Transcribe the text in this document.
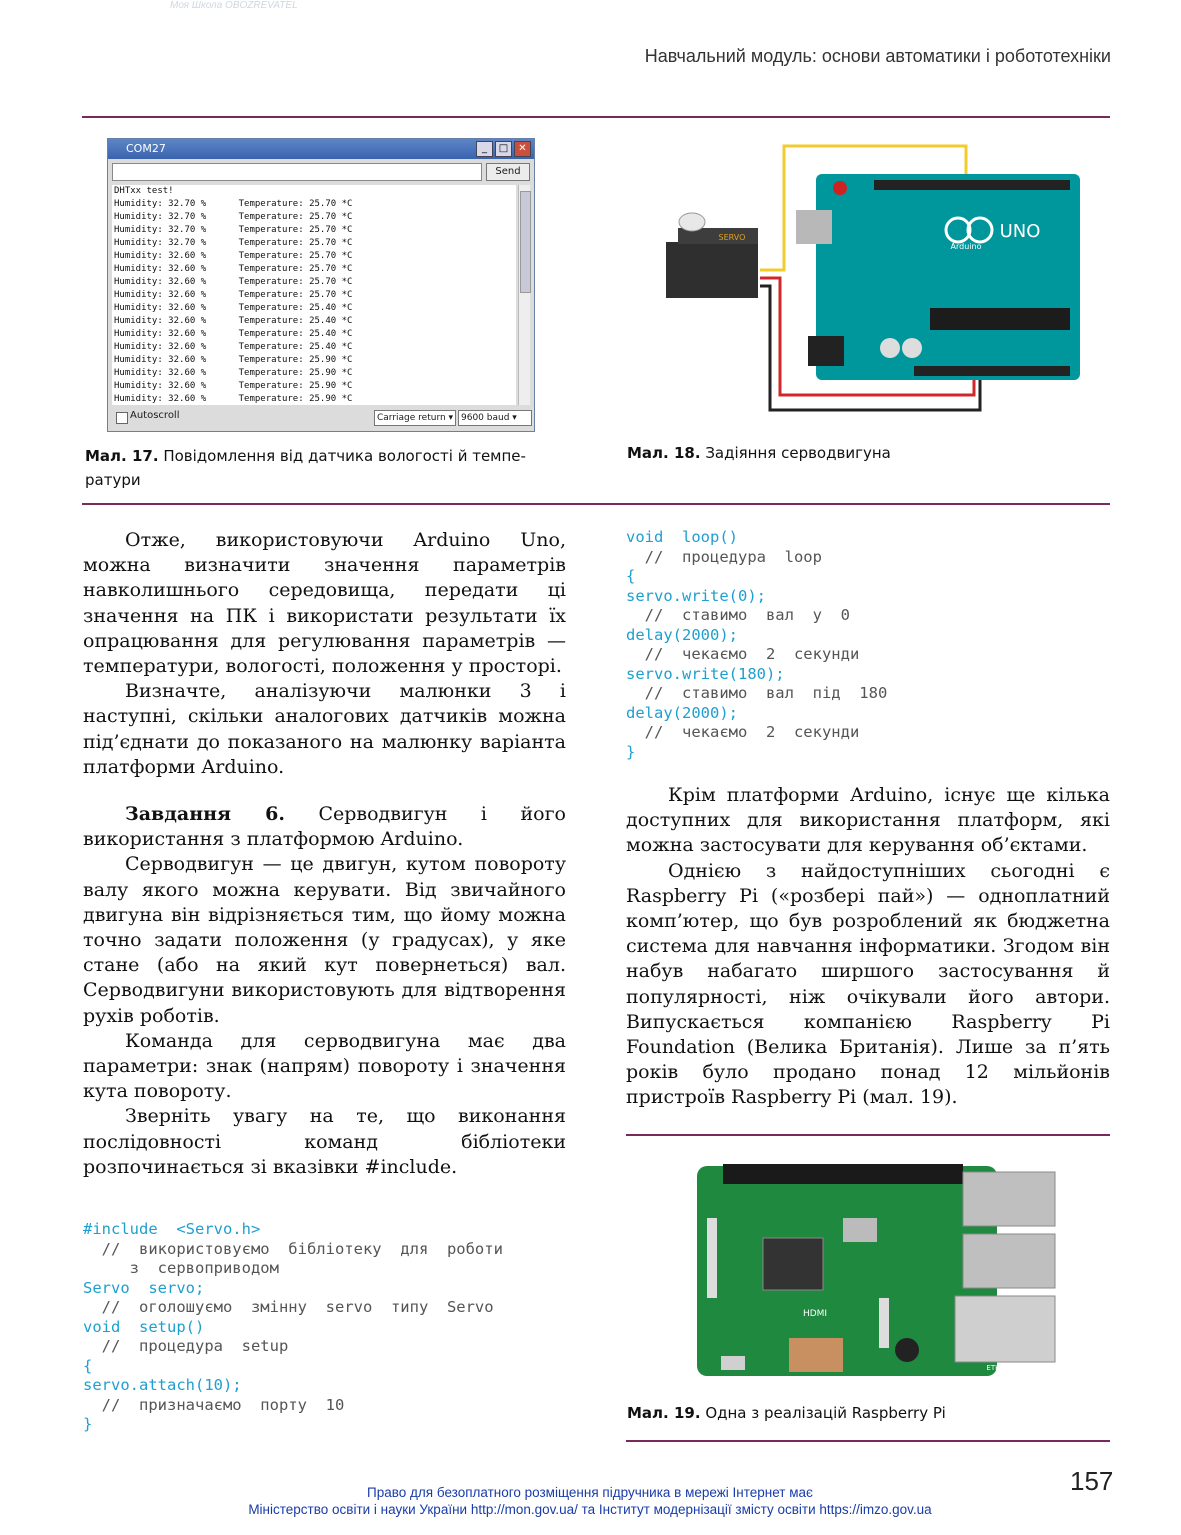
Навчальний модуль: основи автоматики і робототехніки
COM27	_	□	✕
Send
DHTxx test!
Humidity: 32.70 %      Temperature: 25.70 *C
Humidity: 32.70 %      Temperature: 25.70 *C
Humidity: 32.70 %      Temperature: 25.70 *C
Humidity: 32.70 %      Temperature: 25.70 *C
Humidity: 32.60 %      Temperature: 25.70 *C
Humidity: 32.60 %      Temperature: 25.70 *C
Humidity: 32.60 %      Temperature: 25.70 *C
Humidity: 32.60 %      Temperature: 25.70 *C
Humidity: 32.60 %      Temperature: 25.40 *C
Humidity: 32.60 %      Temperature: 25.40 *C
Humidity: 32.60 %      Temperature: 25.40 *C
Humidity: 32.60 %      Temperature: 25.40 *C
Humidity: 32.60 %      Temperature: 25.90 *C
Humidity: 32.60 %      Temperature: 25.90 *C
Humidity: 32.60 %      Temperature: 25.90 *C
Humidity: 32.60 %      Temperature: 25.90 *C
Autoscroll	Carriage return ▾ 9600 baud ▾
Мал. 17. Повідомлення від датчика вологості й темпе-ратури
SERVO	UNO
Arduino
Мал. 18. Задіяння серводвигуна

Отже, використовуючи Arduino Uno, можна визначити значення параметрів навколишнього середовища, передати ці значення на ПК і використати результати їх опрацювання для регулювання параметрів — температури, вологості, положення у просторі.

Визначте, аналізуючи малюнки 3 і наступні, скільки аналогових датчиків можна під’єднати до показаного на малюнку варіанта платформи Arduino.

Завдання 6. Серводвигун і його використання з платформою Arduino.

Серводвигун — це двигун, кутом повороту валу якого можна керувати. Від звичайного двигуна він відрізняється тим, що йому можна точно задати положення (у градусах), у яке стане (або на який кут повернеться) вал. Серводвигуни використовують для відтворення рухів роботів.

Команда для серводвигуна має два параметри: знак (напрям) повороту і значення кута повороту.

Зверніть увагу на те, що виконання послідовності команд бібліотеки розпочинається зі вказівки #include.

#include  <Servo.h>
//  використовуємо  бібліотеку  для  роботи
з  сервоприводом
Servo  servo;
//  оголошуємо  змінну  servo  типу  Servo
void  setup()
//  процедура  setup
{
servo.attach(10);
//  призначаємо  порту  10
}
void  loop()
//  процедура  loop
{
servo.write(0);
//  ставимо  вал  у  0
delay(2000);
//  чекаємо  2  секунди
servo.write(180);
//  ставимо  вал  під  180
delay(2000);
//  чекаємо  2  секунди
}

Крім платформи Arduino, існує ще кілька доступних для використання платформ, які можна застосувати для керування об’єктами.

Однією з найдоступніших сьогодні є Raspberry Pi («розбері пай») — одноплатний комп’ютер, що був розроблений як бюджетна система для навчання інформатики. Згодом він набув набагато ширшого застосування й популярності, ніж очікували його автори. Випускається компанією Raspberry Pi Foundation (Велика Британія). Лише за п’ять років було продано понад 12 мільйонів пристроїв Raspberry Pi (мал. 19).

ETHERNET
HDMI
Мал. 19. Одна з реалізацій Raspberry Pi
Право для безоплатного розміщення підручника в мережі Інтернет має
Міністерство освіти і науки України http://mon.gov.ua/ та Інститут модернізації змісту освіти https://imzo.gov.ua
157
Моя Школа OBOZREVATEL
